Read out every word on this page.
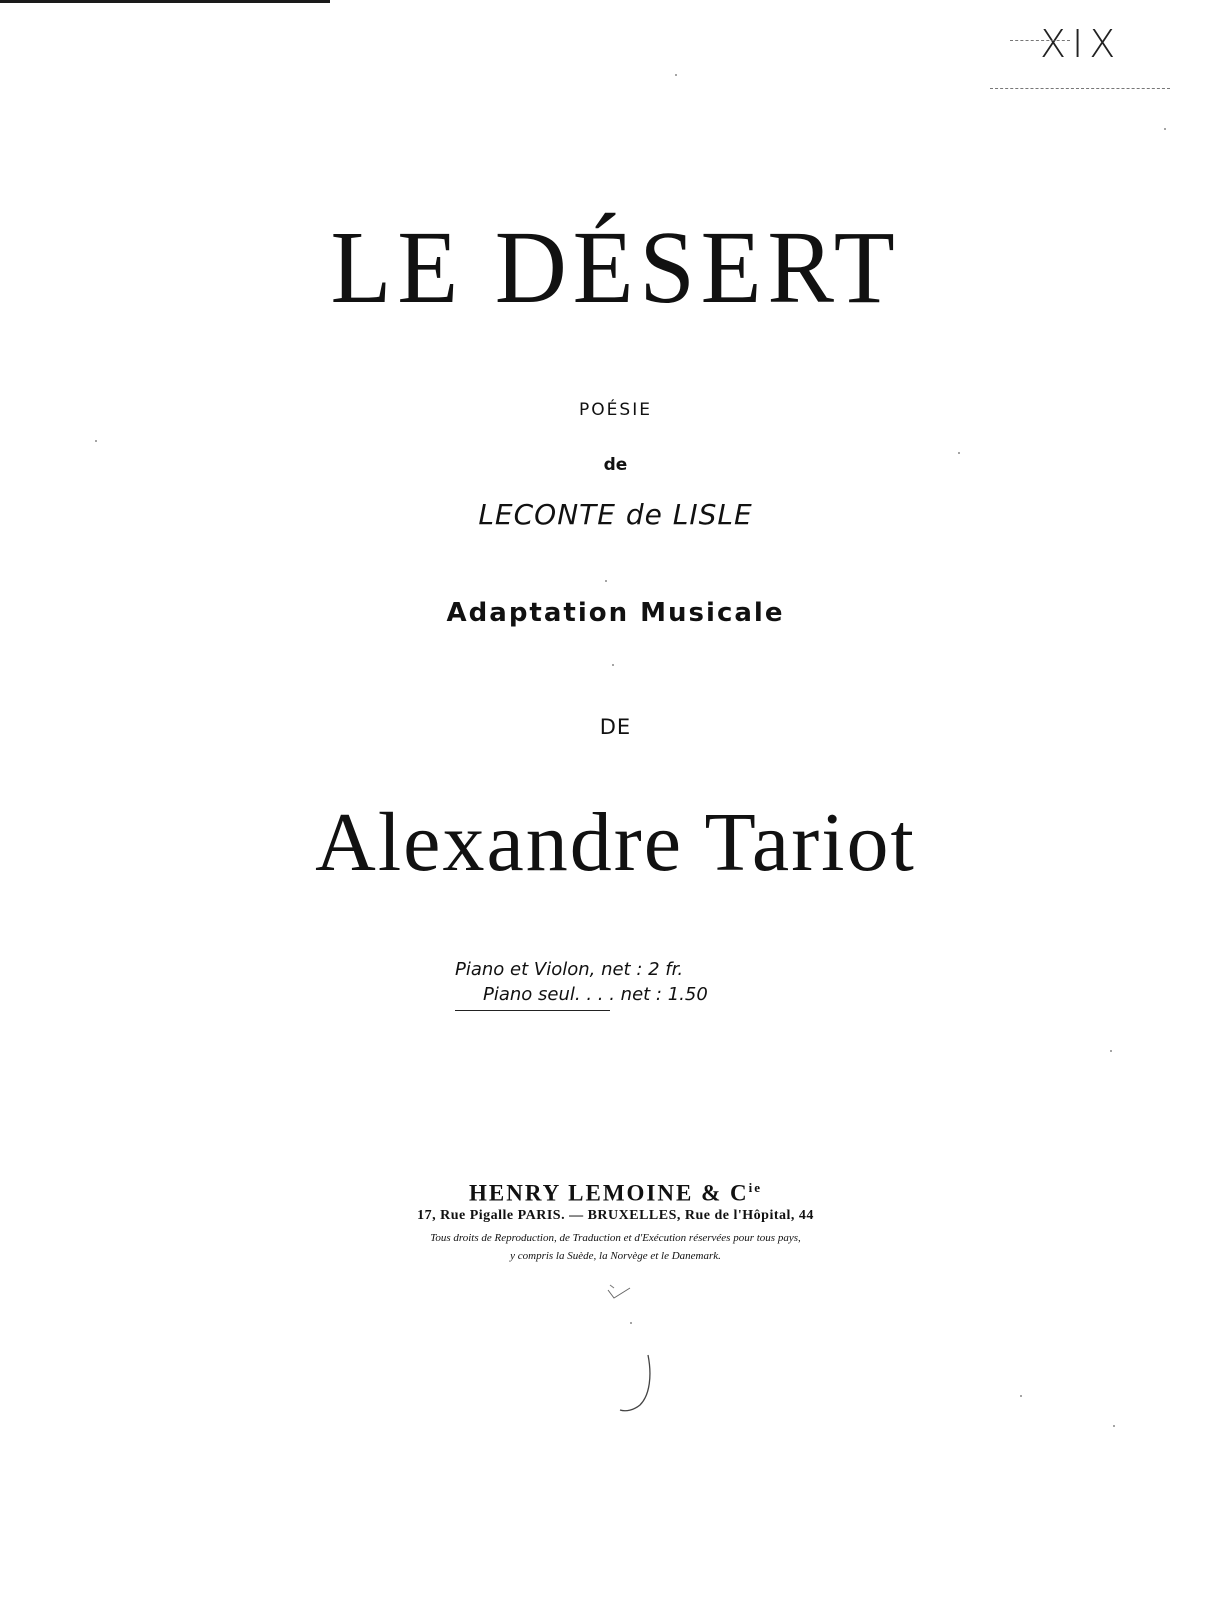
XIX
LE DÉSERT
POÉSIE
de
LECONTE de LISLE
Adaptation Musicale
DE
Alexandre Tariot
Piano et Violon, net : 2 fr.
Piano seul. . . . net : 1.50
HENRY LEMOINE & $C^{ie}$
17, Rue Pigalle PARIS. — BRUXELLES, Rue de l'Hôpital, 44
Tous droits de Reproduction, de Traduction et d'Exécution réservées pour tous pays,
y compris la Suède, la Norvège et le Danemark.
